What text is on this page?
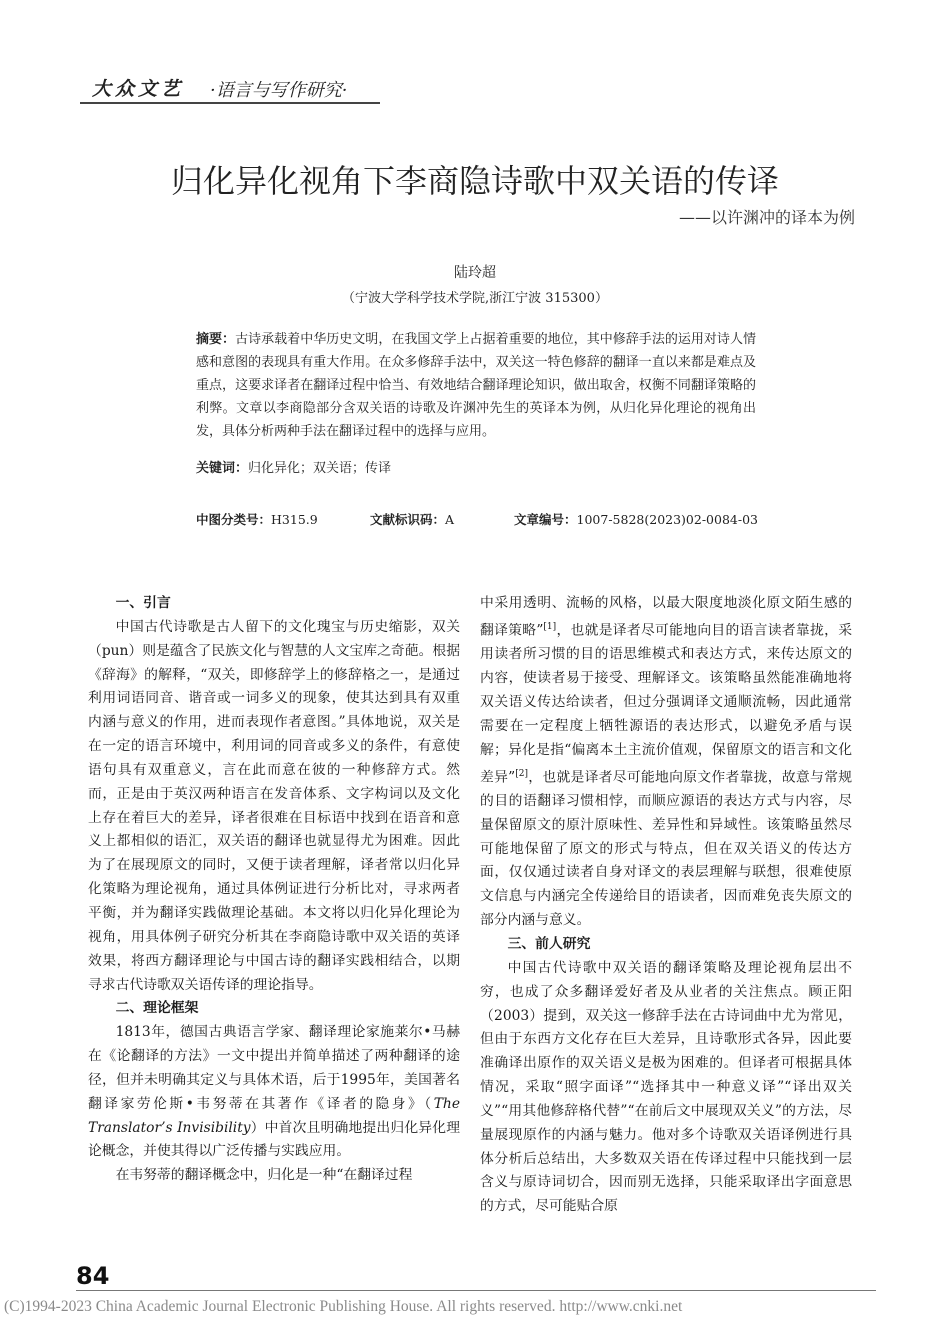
大众文艺 ·语言与写作研究·
归化异化视角下李商隐诗歌中双关语的传译
——以许渊冲的译本为例
陆玲超
（宁波大学科学技术学院,浙江宁波 315300）
摘要：古诗承载着中华历史文明，在我国文学上占据着重要的地位，其中修辞手法的运用对诗人情感和意图的表现具有重大作用。在众多修辞手法中，双关这一特色修辞的翻译一直以来都是难点及重点，这要求译者在翻译过程中恰当、有效地结合翻译理论知识，做出取舍，权衡不同翻译策略的利弊。文章以李商隐部分含双关语的诗歌及许渊冲先生的英译本为例，从归化异化理论的视角出发，具体分析两种手法在翻译过程中的选择与应用。
关键词：归化异化；双关语；传译
中图分类号：H315.9	文献标识码：A	文章编号：1007-5828(2023)02-0084-03
一、引言

中国古代诗歌是古人留下的文化瑰宝与历史缩影，双关（pun）则是蕴含了民族文化与智慧的人文宝库之奇葩。根据《辞海》的解释，“双关，即修辞学上的修辞格之一，是通过利用词语同音、谐音或一词多义的现象，使其达到具有双重内涵与意义的作用，进而表现作者意图。”具体地说，双关是在一定的语言环境中，利用词的同音或多义的条件，有意使语句具有双重意义，言在此而意在彼的一种修辞方式。然而，正是由于英汉两种语言在发音体系、文字构词以及文化上存在着巨大的差异，译者很难在目标语中找到在语音和意义上都相似的语汇，双关语的翻译也就显得尤为困难。因此为了在展现原文的同时，又便于读者理解，译者常以归化异化策略为理论视角，通过具体例证进行分析比对，寻求两者平衡，并为翻译实践做理论基础。本文将以归化异化理论为视角，用具体例子研究分析其在李商隐诗歌中双关语的英译效果，将西方翻译理论与中国古诗的翻译实践相结合，以期寻求古代诗歌双关语传译的理论指导。

二、理论框架

1813年，德国古典语言学家、翻译理论家施莱尔•马赫在《论翻译的方法》一文中提出并简单描述了两种翻译的途径，但并未明确其定义与具体术语，后于1995年，美国著名翻译家劳伦斯•韦努蒂在其著作《译者的隐身》（The Translator’s Invisibility）中首次且明确地提出归化异化理论概念，并使其得以广泛传播与实践应用。

在韦努蒂的翻译概念中，归化是一种“在翻译过程

中采用透明、流畅的风格，以最大限度地淡化原文陌生感的翻译策略”[1]，也就是译者尽可能地向目的语言读者靠拢，采用读者所习惯的目的语思维模式和表达方式，来传达原文的内容，使读者易于接受、理解译文。该策略虽然能准确地将双关语义传达给读者，但过分强调译文通顺流畅，因此通常需要在一定程度上牺牲源语的表达形式，以避免矛盾与误解；异化是指“偏离本土主流价值观，保留原文的语言和文化差异”[2]，也就是译者尽可能地向原文作者靠拢，故意与常规的目的语翻译习惯相悖，而顺应源语的表达方式与内容，尽量保留原文的原汁原味性、差异性和异域性。该策略虽然尽可能地保留了原文的形式与特点，但在双关语义的传达方面，仅仅通过读者自身对译文的表层理解与联想，很难使原文信息与内涵完全传递给目的语读者，因而难免丧失原文的部分内涵与意义。

三、前人研究

中国古代诗歌中双关语的翻译策略及理论视角层出不穷，也成了众多翻译爱好者及从业者的关注焦点。顾正阳（2003）提到，双关这一修辞手法在古诗词曲中尤为常见，但由于东西方文化存在巨大差异，且诗歌形式各异，因此要准确译出原作的双关语义是极为困难的。但译者可根据具体情况，采取“照字面译”“选择其中一种意义译”“译出双关义”“用其他修辞格代替”“在前后文中展现双关义”的方法，尽量展现原作的内涵与魅力。他对多个诗歌双关语译例进行具体分析后总结出，大多数双关语在传译过程中只能找到一层含义与原诗词切合，因而别无选择，只能采取译出字面意思的方式，尽可能贴合原

84
(C)1994-2023 China Academic Journal Electronic Publishing House. All rights reserved. http://www.cnki.net
